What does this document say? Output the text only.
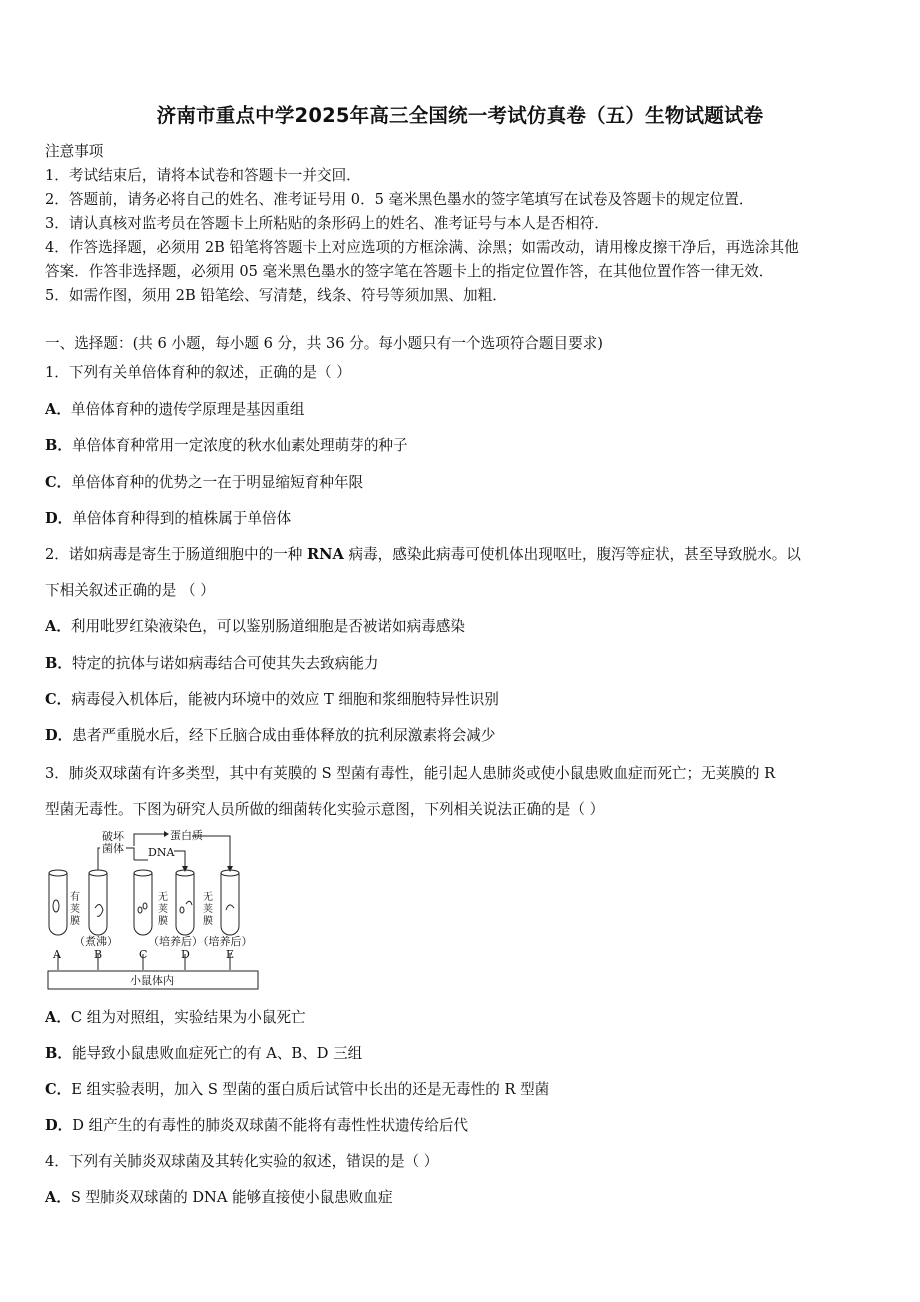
济南市重点中学2025年高三全国统一考试仿真卷（五）生物试题试卷
注意事项
1．考试结束后，请将本试卷和答题卡一并交回．
2．答题前，请务必将自己的姓名、准考证号用 0．5 毫米黑色墨水的签字笔填写在试卷及答题卡的规定位置．
3．请认真核对监考员在答题卡上所粘贴的条形码上的姓名、准考证号与本人是否相符．
4．作答选择题，必须用 2B 铅笔将答题卡上对应选项的方框涂满、涂黑；如需改动，请用橡皮擦干净后，再选涂其他
答案．作答非选择题，必须用 05 毫米黑色墨水的签字笔在答题卡上的指定位置作答，在其他位置作答一律无效．
5．如需作图，须用 2B 铅笔绘、写清楚，线条、符号等须加黑、加粗．
一、选择题：(共 6 小题，每小题 6 分，共 36 分。每小题只有一个选项符合题目要求)
1．下列有关单倍体育种的叙述，正确的是（ ）
A．单倍体育种的遗传学原理是基因重组
B．单倍体育种常用一定浓度的秋水仙素处理萌芽的种子
C．单倍体育种的优势之一在于明显缩短育种年限
D．单倍体育种得到的植株属于单倍体
2．诺如病毒是寄生于肠道细胞中的一种 RNA 病毒，感染此病毒可使机体出现呕吐，腹泻等症状，甚至导致脱水。以
下相关叙述正确的是 （ ）
A．利用吡罗红染液染色，可以鉴别肠道细胞是否被诺如病毒感染
B．特定的抗体与诺如病毒结合可使其失去致病能力
C．病毒侵入机体后，能被内环境中的效应 T 细胞和浆细胞特异性识别
D．患者严重脱水后，经下丘脑合成由垂体释放的抗利尿激素将会减少
3．肺炎双球菌有许多类型，其中有荚膜的 S 型菌有毒性，能引起人患肺炎或使小鼠患败血症而死亡；无荚膜的 R
型菌无毒性。下图为研究人员所做的细菌转化实验示意图，下列相关说法正确的是（ ）
破坏
菌体
蛋白质
DNA
有
荚
膜
无
荚
膜
无
荚
膜
（煮沸）	（培养后）（培养后）
A	B	C	D	E
小鼠体内
A．C 组为对照组，实验结果为小鼠死亡
B．能导致小鼠患败血症死亡的有 A、B、D 三组
C．E 组实验表明，加入 S 型菌的蛋白质后试管中长出的还是无毒性的 R 型菌
D．D 组产生的有毒性的肺炎双球菌不能将有毒性性状遗传给后代
4．下列有关肺炎双球菌及其转化实验的叙述，错误的是（ ）
A．S 型肺炎双球菌的 DNA 能够直接使小鼠患败血症
